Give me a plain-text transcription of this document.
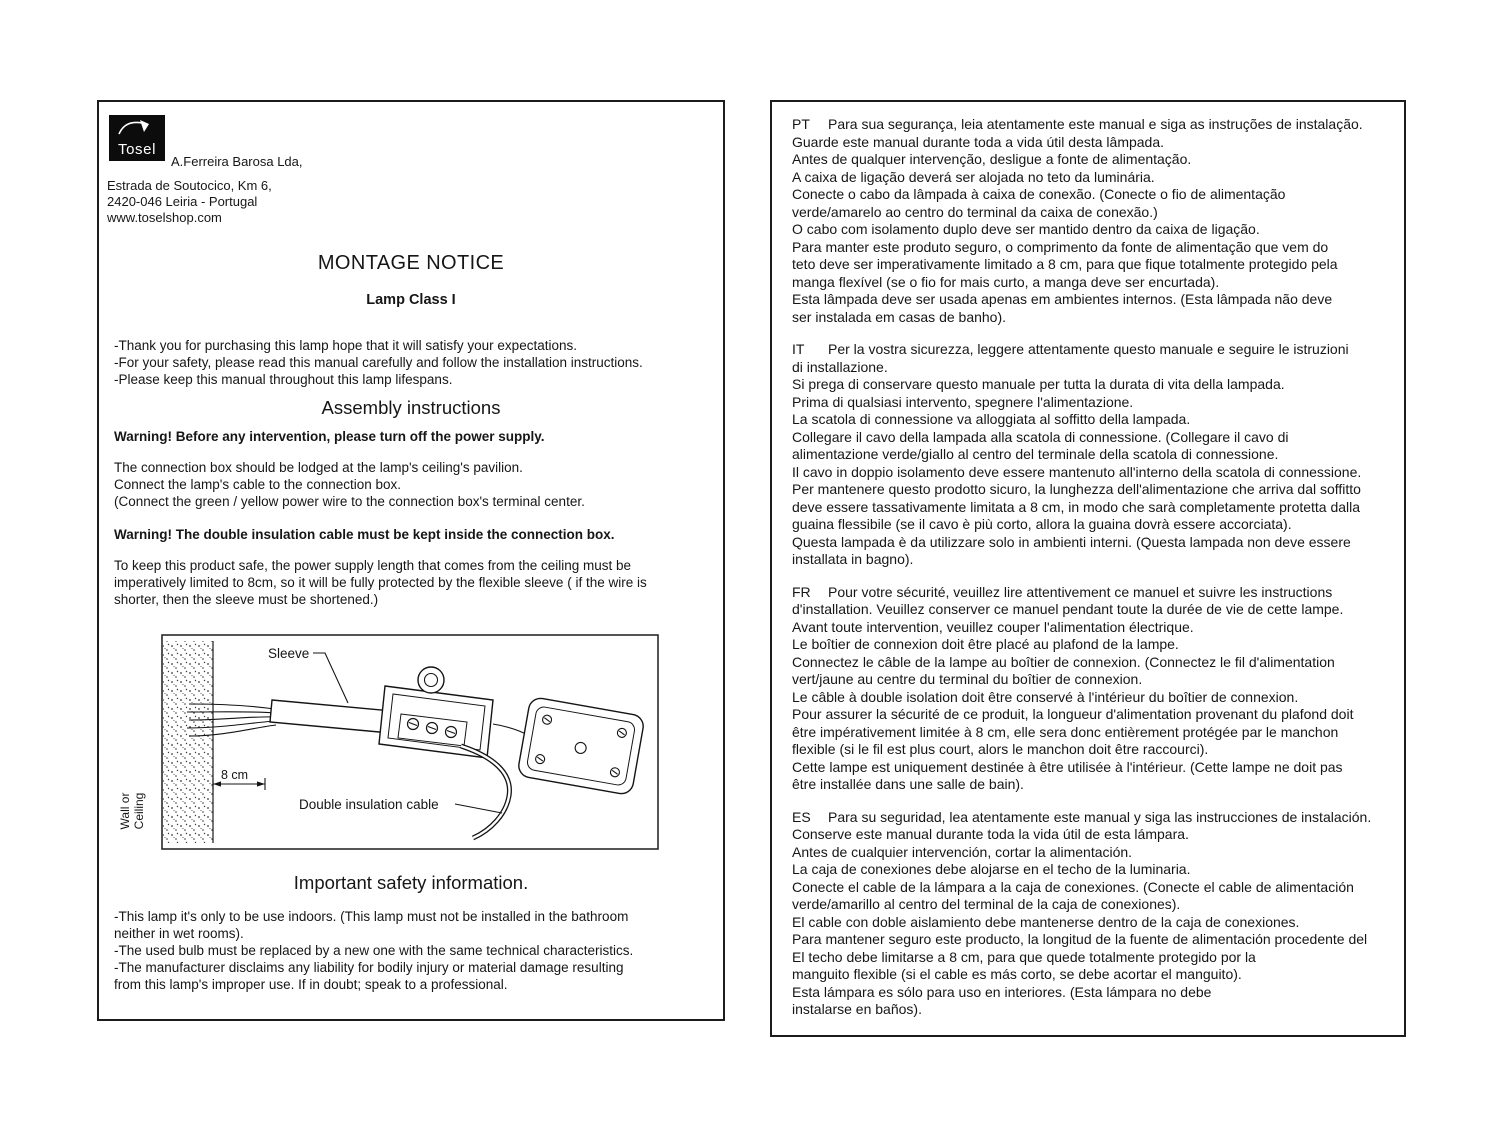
Tosel
A.Ferreira Barosa Lda,
Estrada de Soutocico, Km 6,
2420-046 Leiria - Portugal
www.toselshop.com
MONTAGE NOTICE
Lamp Class I
-Thank you for purchasing this lamp hope that it will satisfy your expectations.
-For your safety, please read this manual carefully and follow the installation instructions.
-Please keep this manual throughout this lamp lifespans.
Assembly instructions
Warning! Before any intervention, please turn off the power supply.
The connection box should be lodged at the lamp's ceiling's pavilion.
Connect the lamp's cable to the connection box.
(Connect the green / yellow power wire to the connection box's terminal center.
Warning! The double insulation cable must be kept inside the connection box.
To keep this product safe, the power supply length that comes from the ceiling must be
imperatively limited to 8cm, so it will be fully protected by the flexible sleeve ( if the wire is
shorter, then the sleeve must be shortened.)
Wall or
Ceiling
8 cm
Sleeve
Double insulation cable
Important safety information.
-This lamp it's only to be use indoors. (This lamp must not be installed in the bathroom
neither in wet rooms).
-The used bulb must be replaced by a new one with the same technical characteristics.
-The manufacturer disclaims any liability for bodily injury or material damage resulting
from this lamp's improper use. If in doubt; speak to a professional.

PT Para sua segurança, leia atentamente este manual e siga as instruções de instalação.
Guarde este manual durante toda a vida útil desta lâmpada.
Antes de qualquer intervenção, desligue a fonte de alimentação.
A caixa de ligação deverá ser alojada no teto da luminária.
Conecte o cabo da lâmpada à caixa de conexão. (Conecte o fio de alimentação
verde/amarelo ao centro do terminal da caixa de conexão.)
O cabo com isolamento duplo deve ser mantido dentro da caixa de ligação.
Para manter este produto seguro, o comprimento da fonte de alimentação que vem do
teto deve ser imperativamente limitado a 8 cm, para que fique totalmente protegido pela
manga flexível (se o fio for mais curto, a manga deve ser encurtada).
Esta lâmpada deve ser usada apenas em ambientes internos. (Esta lâmpada não deve
ser instalada em casas de banho).

IT Per la vostra sicurezza, leggere attentamente questo manuale e seguire le istruzioni
di installazione.
Si prega di conservare questo manuale per tutta la durata di vita della lampada.
Prima di qualsiasi intervento, spegnere l'alimentazione.
La scatola di connessione va alloggiata al soffitto della lampada.
Collegare il cavo della lampada alla scatola di connessione. (Collegare il cavo di
alimentazione verde/giallo al centro del terminale della scatola di connessione.
Il cavo in doppio isolamento deve essere mantenuto all'interno della scatola di connessione.
Per mantenere questo prodotto sicuro, la lunghezza dell'alimentazione che arriva dal soffitto
deve essere tassativamente limitata a 8 cm, in modo che sarà completamente protetta dalla
guaina flessibile (se il cavo è più corto, allora la guaina dovrà essere accorciata).
Questa lampada è da utilizzare solo in ambienti interni. (Questa lampada non deve essere
installata in bagno).

FR Pour votre sécurité, veuillez lire attentivement ce manuel et suivre les instructions
d'installation. Veuillez conserver ce manuel pendant toute la durée de vie de cette lampe.
Avant toute intervention, veuillez couper l'alimentation électrique.
Le boîtier de connexion doit être placé au plafond de la lampe.
Connectez le câble de la lampe au boîtier de connexion. (Connectez le fil d'alimentation
vert/jaune au centre du terminal du boîtier de connexion.
Le câble à double isolation doit être conservé à l'intérieur du boîtier de connexion.
Pour assurer la sécurité de ce produit, la longueur d'alimentation provenant du plafond doit
être impérativement limitée à 8 cm, elle sera donc entièrement protégée par le manchon
flexible (si le fil est plus court, alors le manchon doit être raccourci).
Cette lampe est uniquement destinée à être utilisée à l'intérieur. (Cette lampe ne doit pas
être installée dans une salle de bain).

ES Para su seguridad, lea atentamente este manual y siga las instrucciones de instalación.
Conserve este manual durante toda la vida útil de esta lámpara.
Antes de cualquier intervención, cortar la alimentación.
La caja de conexiones debe alojarse en el techo de la luminaria.
Conecte el cable de la lámpara a la caja de conexiones. (Conecte el cable de alimentación
verde/amarillo al centro del terminal de la caja de conexiones).
El cable con doble aislamiento debe mantenerse dentro de la caja de conexiones.
Para mantener seguro este producto, la longitud de la fuente de alimentación procedente del
El techo debe limitarse a 8 cm, para que quede totalmente protegido por la
manguito flexible (si el cable es más corto, se debe acortar el manguito).
Esta lámpara es sólo para uso en interiores. (Esta lámpara no debe
instalarse en baños).
